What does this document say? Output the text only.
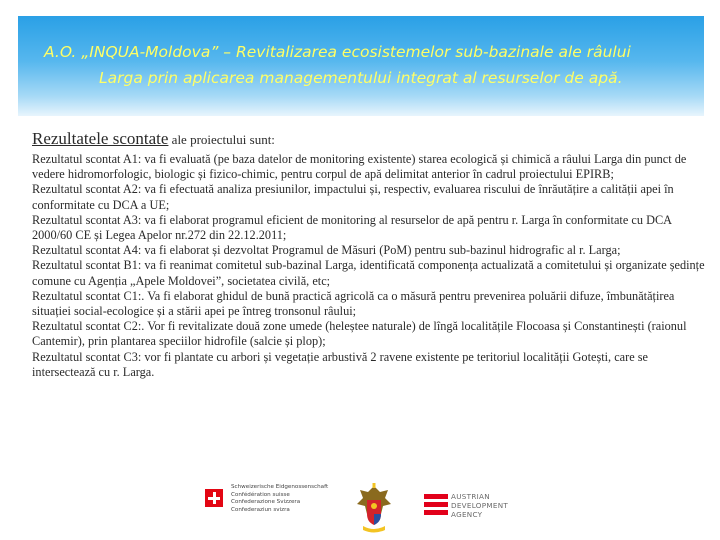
A.O. „INQUA-Moldova” – Revitalizarea ecosistemelor sub-bazinale ale râului
Larga prin aplicarea managementului integrat al resurselor de apă.
Rezultatele scontate ale proiectului sunt:

Rezultatul scontat A1: va fi evaluată (pe baza datelor de monitoring existente) starea ecologică și chimică a râului Larga din punct de vedere hidromorfologic, biologic și fizico-chimic, pentru corpul de apă delimitat anterior în cadrul proiectului EPIRB;

Rezultatul scontat A2: va fi efectuată analiza presiunilor, impactului și, respectiv, evaluarea riscului de înrăutățire a calității apei în conformitate cu DCA a UE;

Rezultatul scontat A3: va fi elaborat programul eficient de monitoring al resurselor de apă pentru r. Larga în conformitate cu DCA 2000/60 CE și Legea Apelor nr.272 din 22.12.2011;

Rezultatul scontat A4: va fi elaborat și dezvoltat Programul de Măsuri (PoM) pentru sub-bazinul hidrografic al r. Larga;

Rezultatul scontat B1: va fi reanimat comitetul sub-bazinal Larga, identificată componența actualizată a comitetului și organizate ședințe comune cu Agenția „Apele Moldovei”, societatea civilă, etc;

Rezultatul scontat C1:. Va fi elaborat ghidul de bună practică agricolă ca o măsură pentru prevenirea poluării difuze, îmbunătățirea situației social-ecologice și a stării apei pe întreg tronsonul râului;

Rezultatul scontat C2:. Vor fi revitalizate două zone umede (heleștee naturale) de lîngă localitățile Flocoasa și Constantinești (raionul Cantemir), prin plantarea speciilor hidrofile (salcie și plop);

Rezultatul scontat C3: vor fi plantate cu arbori și vegetație arbustivă 2 ravene existente pe teritoriul localității Gotești, care se intersectează cu r. Larga.

Schweizerische Eidgenossenschaft
Confédération suisse
Confederazione Svizzera
Confederaziun svizra
AUSTRIAN
DEVELOPMENT
AGENCY
